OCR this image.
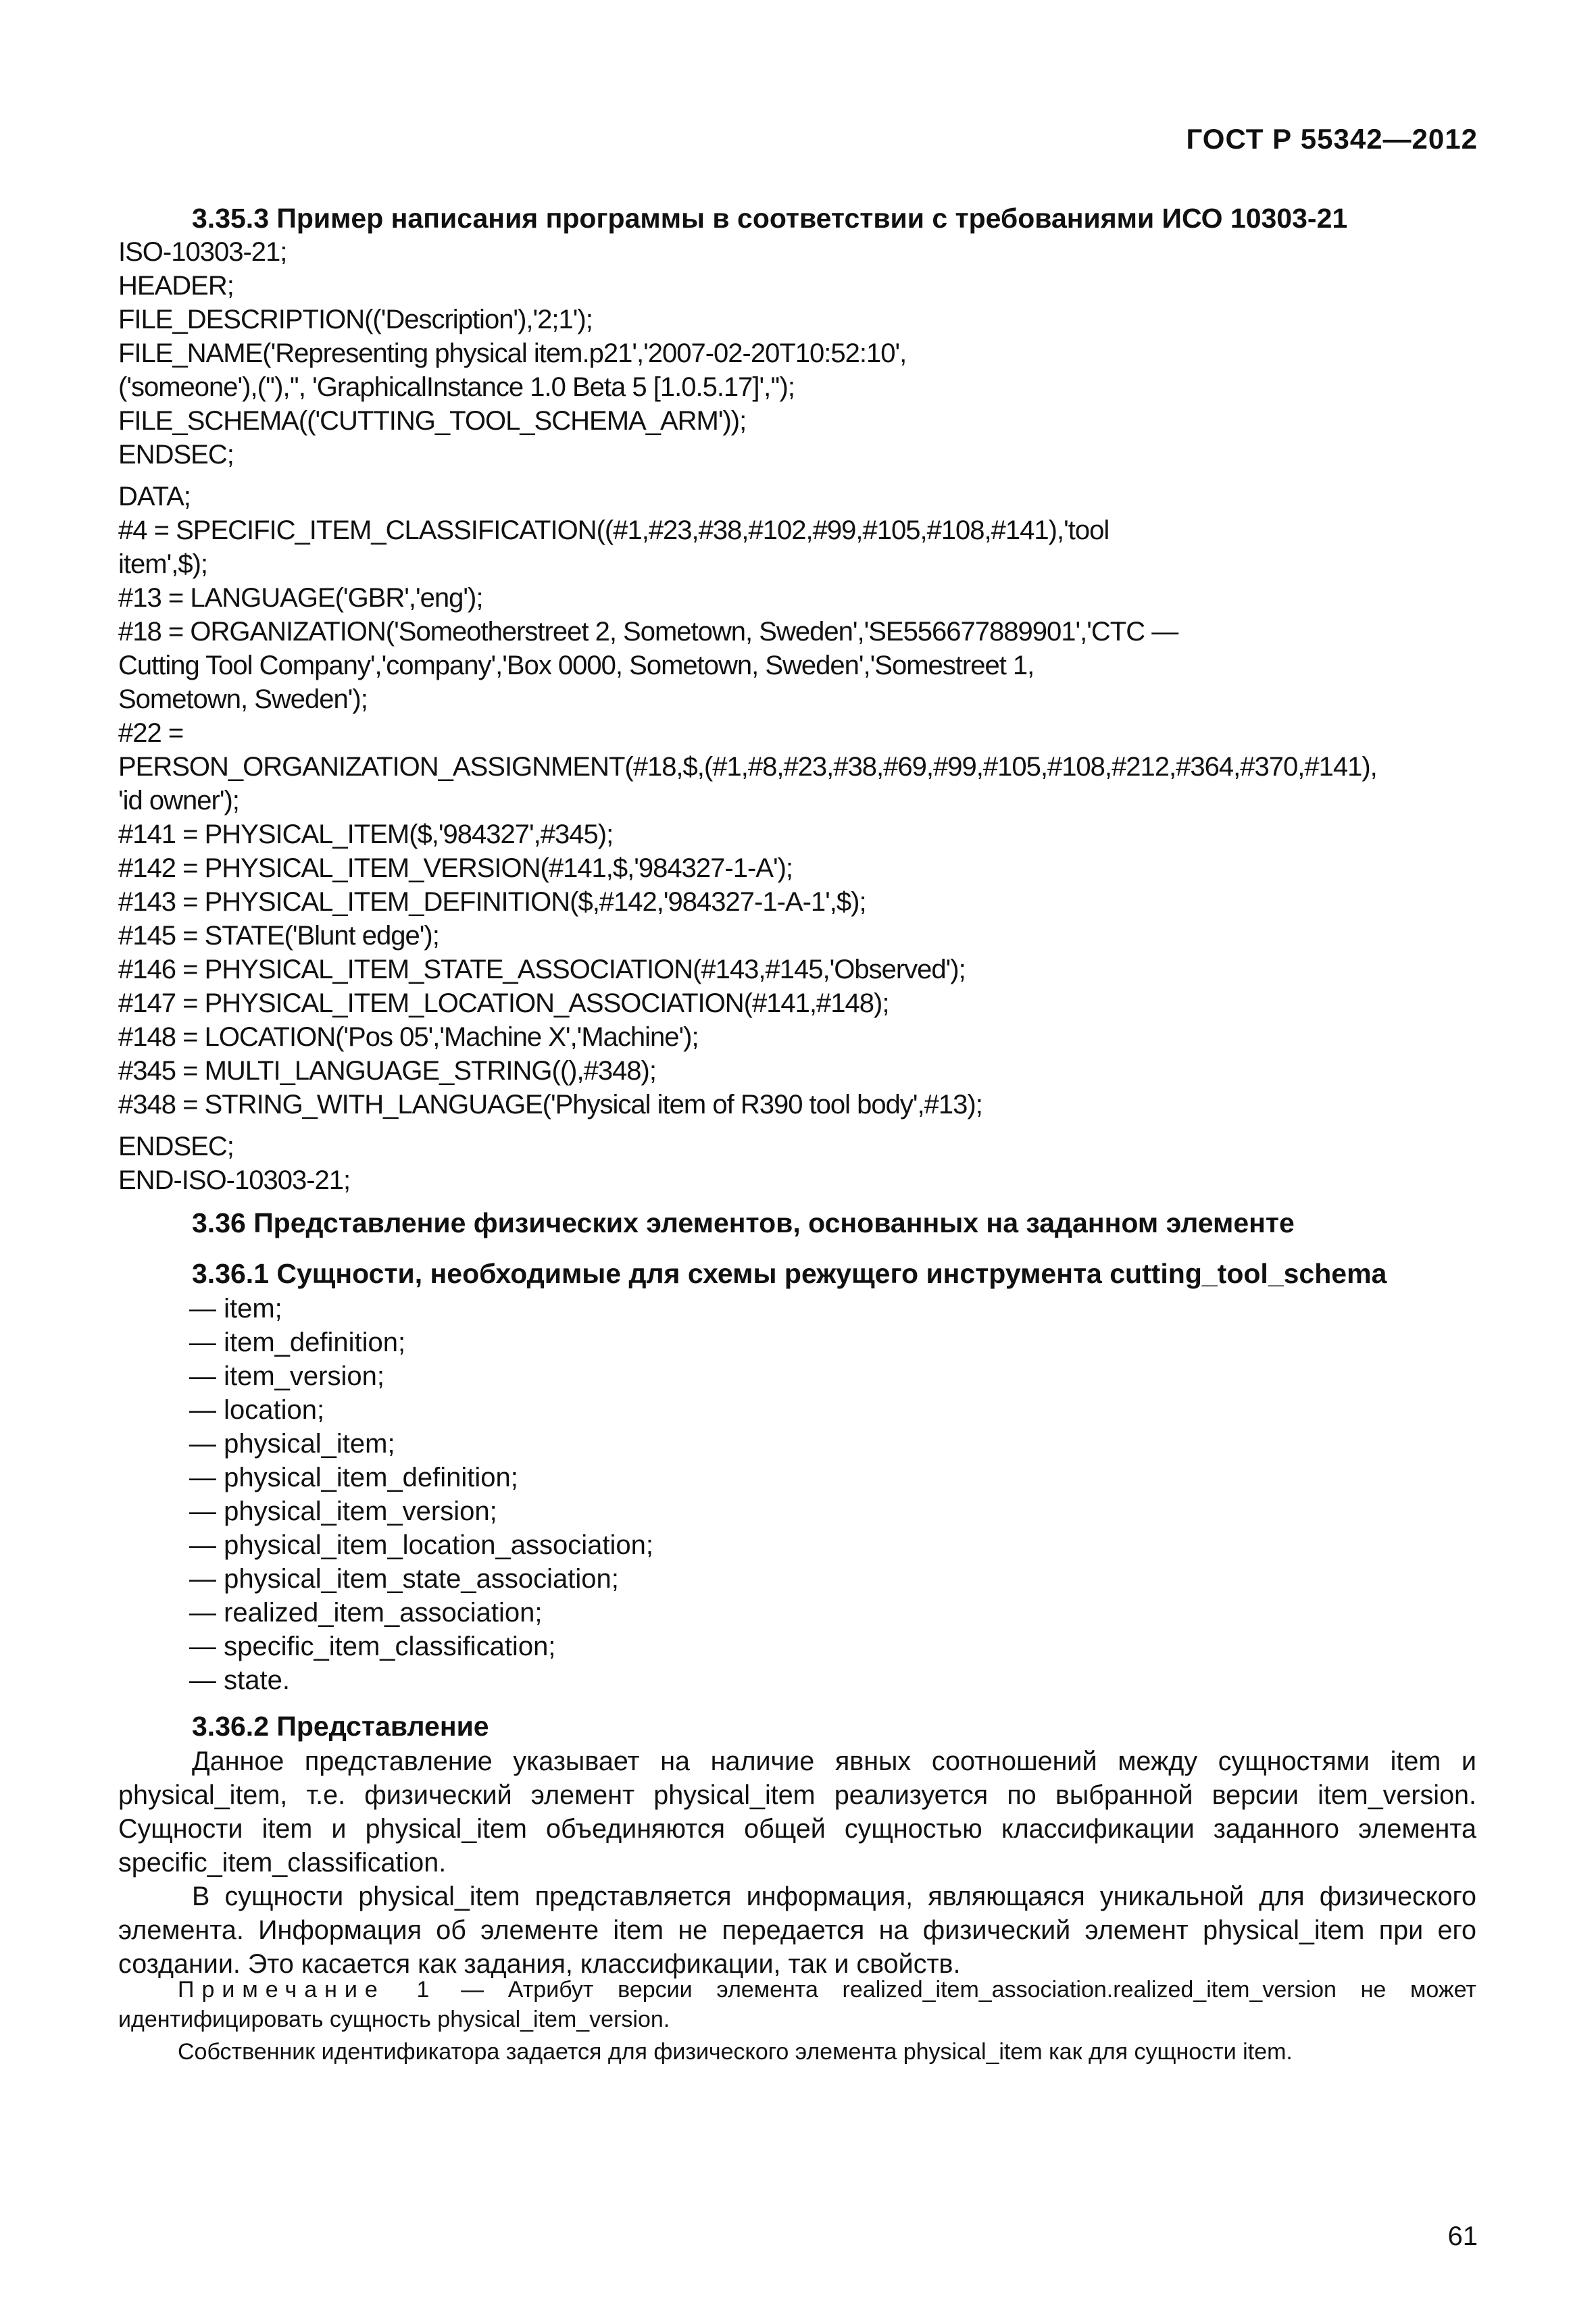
ГОСТ Р 55342—2012
3.35.3 Пример написания программы в соответствии с требованиями ИСО 10303-21
ISO-10303-21;
HEADER;
FILE_DESCRIPTION(('Description'),'2;1');
FILE_NAME('Representing physical item.p21','2007-02-20T10:52:10',
('someone'),(''),'', 'GraphicalInstance 1.0 Beta 5 [1.0.5.17]','');
FILE_SCHEMA(('CUTTING_TOOL_SCHEMA_ARM'));
ENDSEC;
DATA;
#4 = SPECIFIC_ITEM_CLASSIFICATION((#1,#23,#38,#102,#99,#105,#108,#141),'tool
item',$);
#13 = LANGUAGE('GBR','eng');
#18 = ORGANIZATION('Someotherstreet 2, Sometown, Sweden','SE556677889901','CTC —
Cutting Tool Company','company','Box 0000, Sometown, Sweden','Somestreet 1,
Sometown, Sweden');
#22 =
PERSON_ORGANIZATION_ASSIGNMENT(#18,$,(#1,#8,#23,#38,#69,#99,#105,#108,#212,#364,#370,#141),
'id owner');
#141 = PHYSICAL_ITEM($,'984327',#345);
#142 = PHYSICAL_ITEM_VERSION(#141,$,'984327-1-A');
#143 = PHYSICAL_ITEM_DEFINITION($,#142,'984327-1-A-1',$);
#145 = STATE('Blunt edge');
#146 = PHYSICAL_ITEM_STATE_ASSOCIATION(#143,#145,'Observed');
#147 = PHYSICAL_ITEM_LOCATION_ASSOCIATION(#141,#148);
#148 = LOCATION('Pos 05','Machine X','Machine');
#345 = MULTI_LANGUAGE_STRING((),#348);
#348 = STRING_WITH_LANGUAGE('Physical item of R390 tool body',#13);
ENDSEC;
END-ISO-10303-21;
3.36 Представление физических элементов, основанных на заданном элементе
3.36.1 Сущности, необходимые для схемы режущего инструмента cutting_tool_schema
— item;
— item_definition;
— item_version;
— location;
— physical_item;
— physical_item_definition;
— physical_item_version;
— physical_item_location_association;
— physical_item_state_association;
— realized_item_association;
— specific_item_classification;
— state.
3.36.2 Представление

Данное представление указывает на наличие явных соотношений между сущностями item и physical_item, т.е. физический элемент physical_item реализуется по выбранной версии item_version. Сущности item и physical_item объединяются общей сущностью классификации заданного элемента specific_item_classification.

В сущности physical_item представляется информация, являющаяся уникальной для физического элемента. Информация об элементе item не передается на физический элемент physical_item при его создании. Это касается как задания, классификации, так и свойств.

Примечание 1 — Атрибут версии элемента realized_item_association.realized_item_version не может идентифицировать сущность physical_item_version.
Собственник идентификатора задается для физического элемента physical_item как для сущности item.
61
